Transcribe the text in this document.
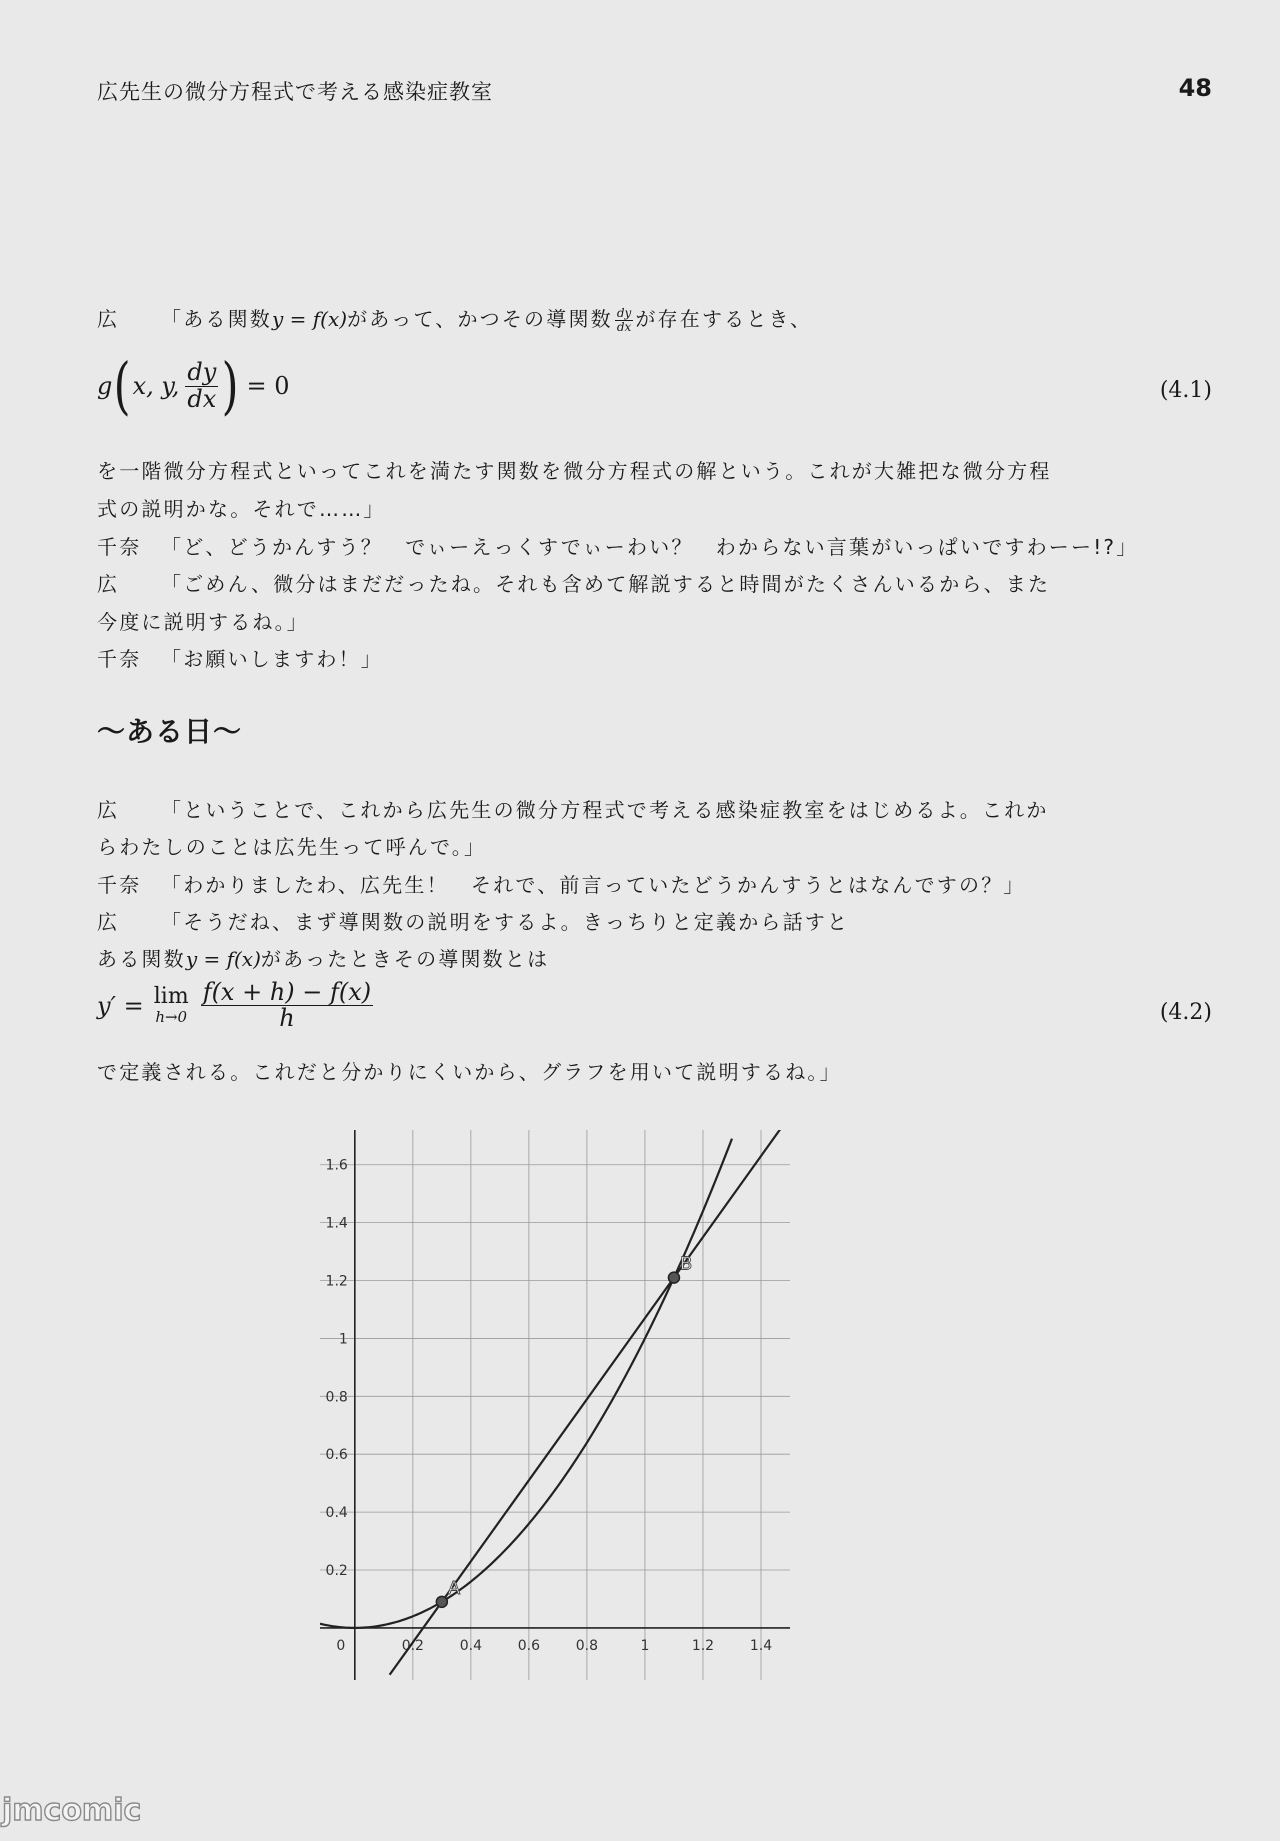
広先生の微分方程式で考える感染症教室	48
広 「ある関数y = f(x)があって、かつその導関数 $\frac{dy}{dx}$ が存在するとき、
g ( x, y, $\frac{dy}{dx}$ ) = 0	(4.1)
を一階微分方程式といってこれを満たす関数を微分方程式の解という。これが大雑把な微分方程
式の説明かな。それで……」
千奈 「ど、どうかんすう？　でぃーえっくすでぃーわい？　わからない言葉がいっぱいですわーー!?」
広 「ごめん、微分はまだだったね。それも含めて解説すると時間がたくさんいるから、また
今度に説明するね。」
千奈 「お願いしますわ！」
〜ある日〜
広 「ということで、これから広先生の微分方程式で考える感染症教室をはじめるよ。これか
らわたしのことは広先生って呼んで。」
千奈 「わかりましたわ、広先生！　それで、前言っていたどうかんすうとはなんですの？」
広 「そうだね、まず導関数の説明をするよ。きっちりと定義から話すと
ある関数y = f(x)があったときその導関数とは
y′ = lim
$h\to 0 \frac{f(x + h) - f(x)}{h}$	(4.2)
で定義される。これだと分かりにくいから、グラフを用いて説明するね。」
0.2	0.4	0.6	0.8	1	1.2	1.4
0.2
0.4
0.6
0.8
1
1.2
1.4
1.6
0
A
B
jmcomic
